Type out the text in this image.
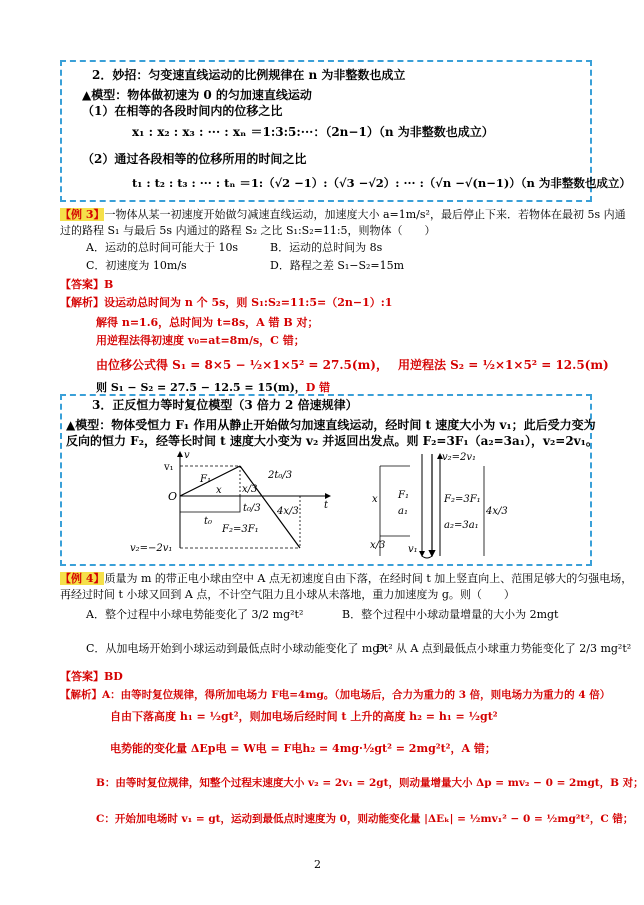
2．妙招：匀变速直线运动的比例规律在 n 为非整数也成立
▲模型：物体做初速为 0 的匀加速直线运动
（1）在相等的各段时间内的位移之比
x₁ : x₂ : x₃ : ··· : xₙ ＝1:3:5:···：（2n−1）（n 为非整数也成立）
（2）通过各段相等的位移所用的时间之比
t₁ : t₂ : t₃ : ··· : tₙ ＝1:（√2 −1）:（√3 −√2）: ··· :（√n −√(n−1)）（n 为非整数也成立）
【例 3】一物体从某一初速度开始做匀减速直线运动，加速度大小 a=1m/s²，最后停止下来．若物体在最初 5s 内通
过的路程 S₁ 与最后 5s 内通过的路程 S₂ 之比 S₁:S₂=11:5，则物体（　　）
A．运动的总时间可能大于 10s	B．运动的总时间为 8s
C．初速度为 10m/s	D．路程之差 S₁−S₂=15m
【答案】B
【解析】设运动总时间为 n 个 5s，则 S₁:S₂=11:5=（2n−1）:1
解得 n=1.6，总时间为 t=8s，A 错 B 对；
用逆程法得初速度 v₀=at=8m/s，C 错；
由位移公式得 S₁ = 8×5 − ½×1×5² = 27.5(m)， 用逆程法 S₂ = ½×1×5² = 12.5(m)
则 S₁ − S₂ = 27.5 − 12.5 = 15(m)，D 错
3．正反恒力等时复位模型（3 倍力 2 倍速规律）
▲模型：物体受恒力 F₁ 作用从静止开始做匀加速直线运动，经时间 t 速度大小为 v₁；此后受力变为
反向的恒力 F₂，经等长时间 t 速度大小变为 v₂ 并返回出发点。则 F₂=3F₁（a₂=3a₁），v₂=2v₁。
v
v₁
O
t
F₁
x x/3
t₀
t₀/3
2t₀/3
4x/3
F₂=3F₁
v₂=−2v₁
v₂=2v₁
v₁
F₁
a₁
x	F₂=3F₁
a₂=3a₁
4x/3
x/3
【例 4】质量为 m 的带正电小球由空中 A 点无初速度自由下落，在经时间 t 加上竖直向上、范围足够大的匀强电场，
再经过时间 t 小球又回到 A 点，不计空气阻力且小球从未落地，重力加速度为 g。则（　　）
A．整个过程中小球电势能变化了 3/2 mg²t²	B．整个过程中小球动量增量的大小为 2mgt
C．从加电场开始到小球运动到最低点时小球动能变化了 mg²t²
D．从 A 点到最低点小球重力势能变化了 2/3 mg²t²
【答案】BD
【解析】A：由等时复位规律，得所加电场力 F电=4mg。（加电场后，合力为重力的 3 倍，则电场力为重力的 4 倍）
自由下落高度 h₁ = ½gt²，则加电场后经时间 t 上升的高度 h₂ = h₁ = ½gt²
电势能的变化量 ΔEp电 = W电 = F电h₂ = 4mg·½gt² = 2mg²t²，A 错；
B：由等时复位规律，知整个过程末速度大小 v₂ = 2v₁ = 2gt，则动量增量大小 Δp = mv₂ − 0 = 2mgt，B 对；
C：开始加电场时 v₁ = gt，运动到最低点时速度为 0，则动能变化量 |ΔEₖ| = ½mv₁² − 0 = ½mg²t²，C 错；
2
